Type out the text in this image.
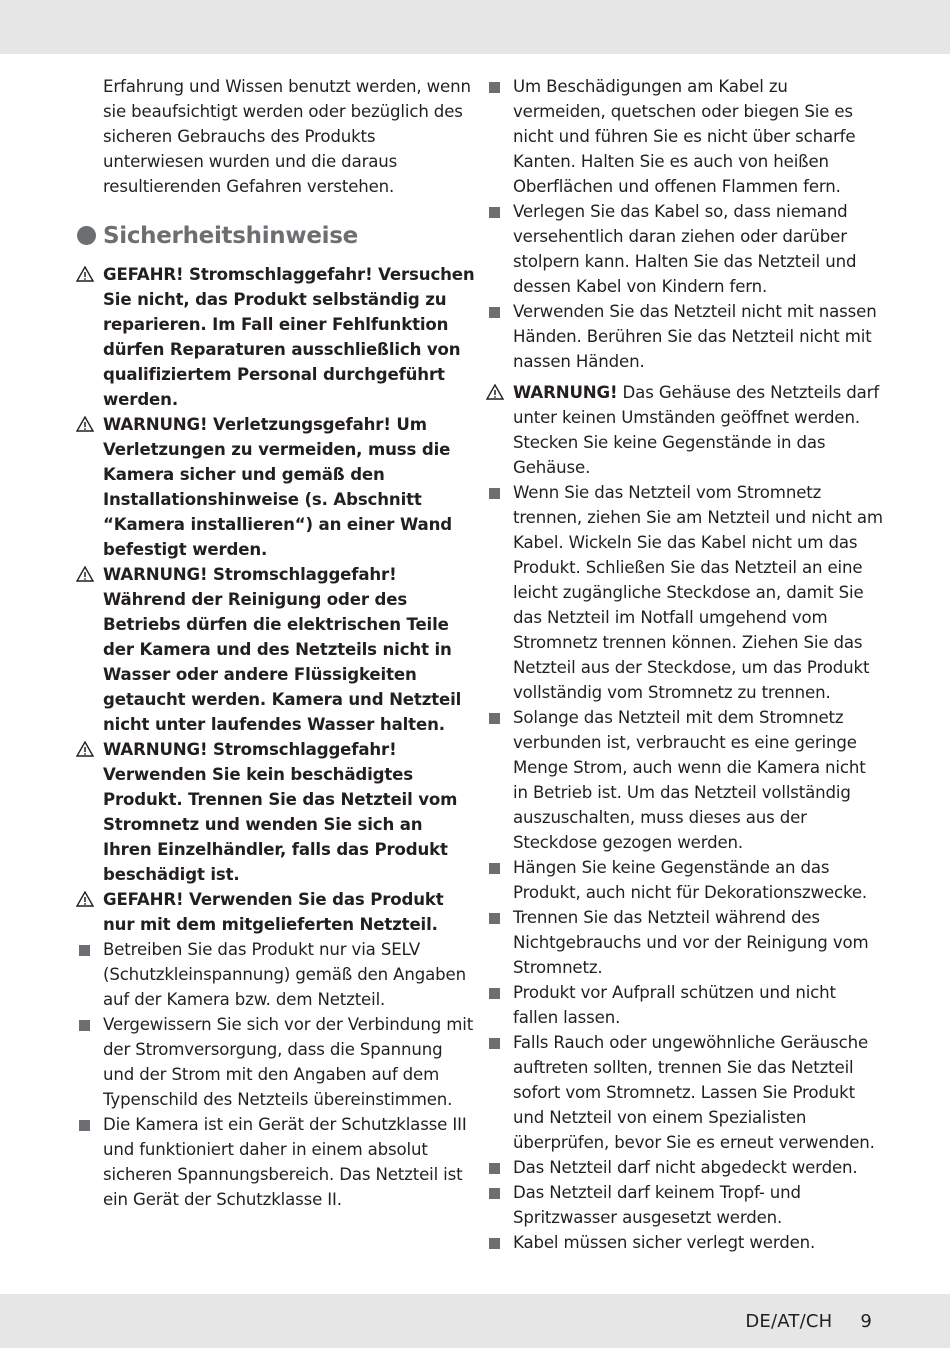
Erfahrung und Wissen benutzt werden, wenn sie beaufsichtigt werden oder bezüglich des sicheren Gebrauchs des Produkts unterwiesen wurden und die daraus resultierenden Gefahren verstehen.

Sicherheitshinweise

GEFAHR! Stromschlaggefahr! Versuchen Sie nicht, das Produkt selbständig zu reparieren. Im Fall einer Fehlfunktion dürfen Reparaturen ausschließlich von qualifiziertem Personal durchgeführt werden.

WARNUNG! Verletzungsgefahr! Um Verletzungen zu vermeiden, muss die Kamera sicher und gemäß den Installationshinweise (s. Abschnitt “Kamera installieren“) an einer Wand befestigt werden.

WARNUNG! Stromschlaggefahr! Während der Reinigung oder des Betriebs dürfen die elektrischen Teile der Kamera und des Netzteils nicht in Wasser oder andere Flüssigkeiten getaucht werden. Kamera und Netzteil nicht unter laufendes Wasser halten.

WARNUNG! Stromschlaggefahr! Verwenden Sie kein beschädigtes Produkt. Trennen Sie das Netzteil vom Stromnetz und wenden Sie sich an Ihren Einzelhändler, falls das Produkt beschädigt ist.

GEFAHR! Verwenden Sie das Produkt nur mit dem mitgelieferten Netzteil.

Betreiben Sie das Produkt nur via SELV (Schutzkleinspannung) gemäß den Angaben auf der Kamera bzw. dem Netzteil.

Vergewissern Sie sich vor der Verbindung mit der Stromversorgung, dass die Spannung und der Strom mit den Angaben auf dem Typenschild des Netzteils übereinstimmen.

Die Kamera ist ein Gerät der Schutzklasse III und funktioniert daher in einem absolut sicheren Spannungsbereich. Das Netzteil ist ein Gerät der Schutzklasse II.

Um Beschädigungen am Kabel zu vermeiden, quetschen oder biegen Sie es nicht und führen Sie es nicht über scharfe Kanten. Halten Sie es auch von heißen Oberflächen und offenen Flammen fern.

Verlegen Sie das Kabel so, dass niemand versehentlich daran ziehen oder darüber stolpern kann. Halten Sie das Netzteil und dessen Kabel von Kindern fern.

Verwenden Sie das Netzteil nicht mit nassen Händen. Berühren Sie das Netzteil nicht mit nassen Händen.

WARNUNG! Das Gehäuse des Netzteils darf unter keinen Umständen geöffnet werden. Stecken Sie keine Gegenstände in das Gehäuse.

Wenn Sie das Netzteil vom Stromnetz trennen, ziehen Sie am Netzteil und nicht am Kabel. Wickeln Sie das Kabel nicht um das Produkt. Schließen Sie das Netzteil an eine leicht zugängliche Steckdose an, damit Sie das Netzteil im Notfall umgehend vom Stromnetz trennen können. Ziehen Sie das Netzteil aus der Steckdose, um das Produkt vollständig vom Stromnetz zu trennen.

Solange das Netzteil mit dem Stromnetz verbunden ist, verbraucht es eine geringe Menge Strom, auch wenn die Kamera nicht in Betrieb ist. Um das Netzteil vollständig auszuschalten, muss dieses aus der Steckdose gezogen werden.

Hängen Sie keine Gegenstände an das Produkt, auch nicht für Dekorationszwecke.

Trennen Sie das Netzteil während des Nichtgebrauchs und vor der Reinigung vom Stromnetz.

Produkt vor Aufprall schützen und nicht fallen lassen.

Falls Rauch oder ungewöhnliche Geräusche auftreten sollten, trennen Sie das Netzteil sofort vom Stromnetz. Lassen Sie Produkt und Netzteil von einem Spezialisten überprüfen, bevor Sie es erneut verwenden.

Das Netzteil darf nicht abgedeckt werden.

Das Netzteil darf keinem Tropf- und Spritzwasser ausgesetzt werden.

Kabel müssen sicher verlegt werden.

DE/AT/CH 9
